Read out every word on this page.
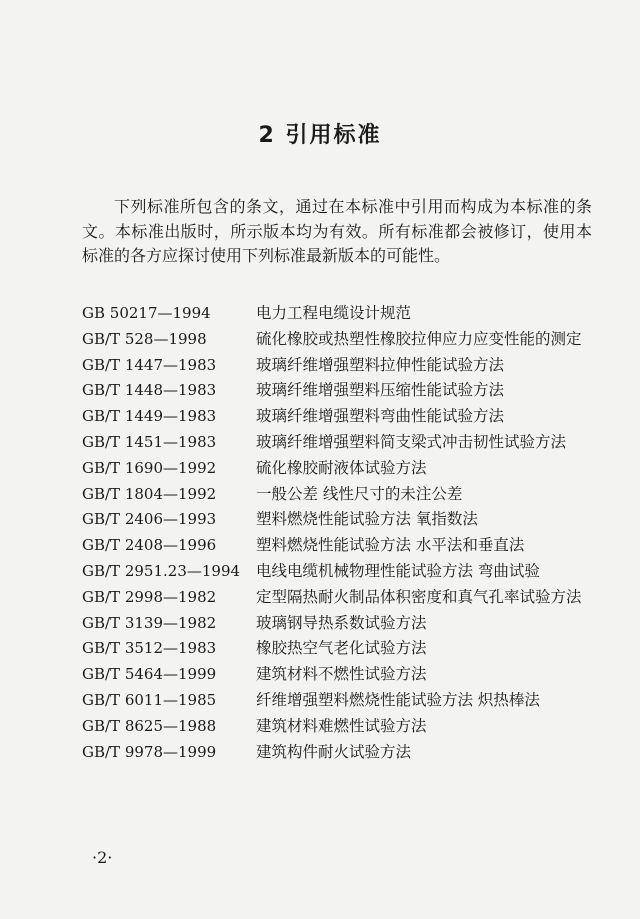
2 引用标准

下列标准所包含的条文，通过在本标准中引用而构成为本标准的条文。本标准出版时，所示版本均为有效。所有标准都会被修订，使用本标准的各方应探讨使用下列标准最新版本的可能性。

GB 50217—1994	电力工程电缆设计规范
GB/T 528—1998	硫化橡胶或热塑性橡胶拉伸应力应变性能的测定
GB/T 1447—1983	玻璃纤维增强塑料拉伸性能试验方法
GB/T 1448—1983	玻璃纤维增强塑料压缩性能试验方法
GB/T 1449—1983	玻璃纤维增强塑料弯曲性能试验方法
GB/T 1451—1983	玻璃纤维增强塑料简支梁式冲击韧性试验方法
GB/T 1690—1992	硫化橡胶耐液体试验方法
GB/T 1804—1992	一般公差 线性尺寸的未注公差
GB/T 2406—1993	塑料燃烧性能试验方法 氧指数法
GB/T 2408—1996	塑料燃烧性能试验方法 水平法和垂直法
GB/T 2951.23—1994	电线电缆机械物理性能试验方法 弯曲试验
GB/T 2998—1982	定型隔热耐火制品体积密度和真气孔率试验方法
GB/T 3139—1982	玻璃钢导热系数试验方法
GB/T 3512—1983	橡胶热空气老化试验方法
GB/T 5464—1999	建筑材料不燃性试验方法
GB/T 6011—1985	纤维增强塑料燃烧性能试验方法 炽热棒法
GB/T 8625—1988	建筑材料难燃性试验方法
GB/T 9978—1999	建筑构件耐火试验方法
·2·
